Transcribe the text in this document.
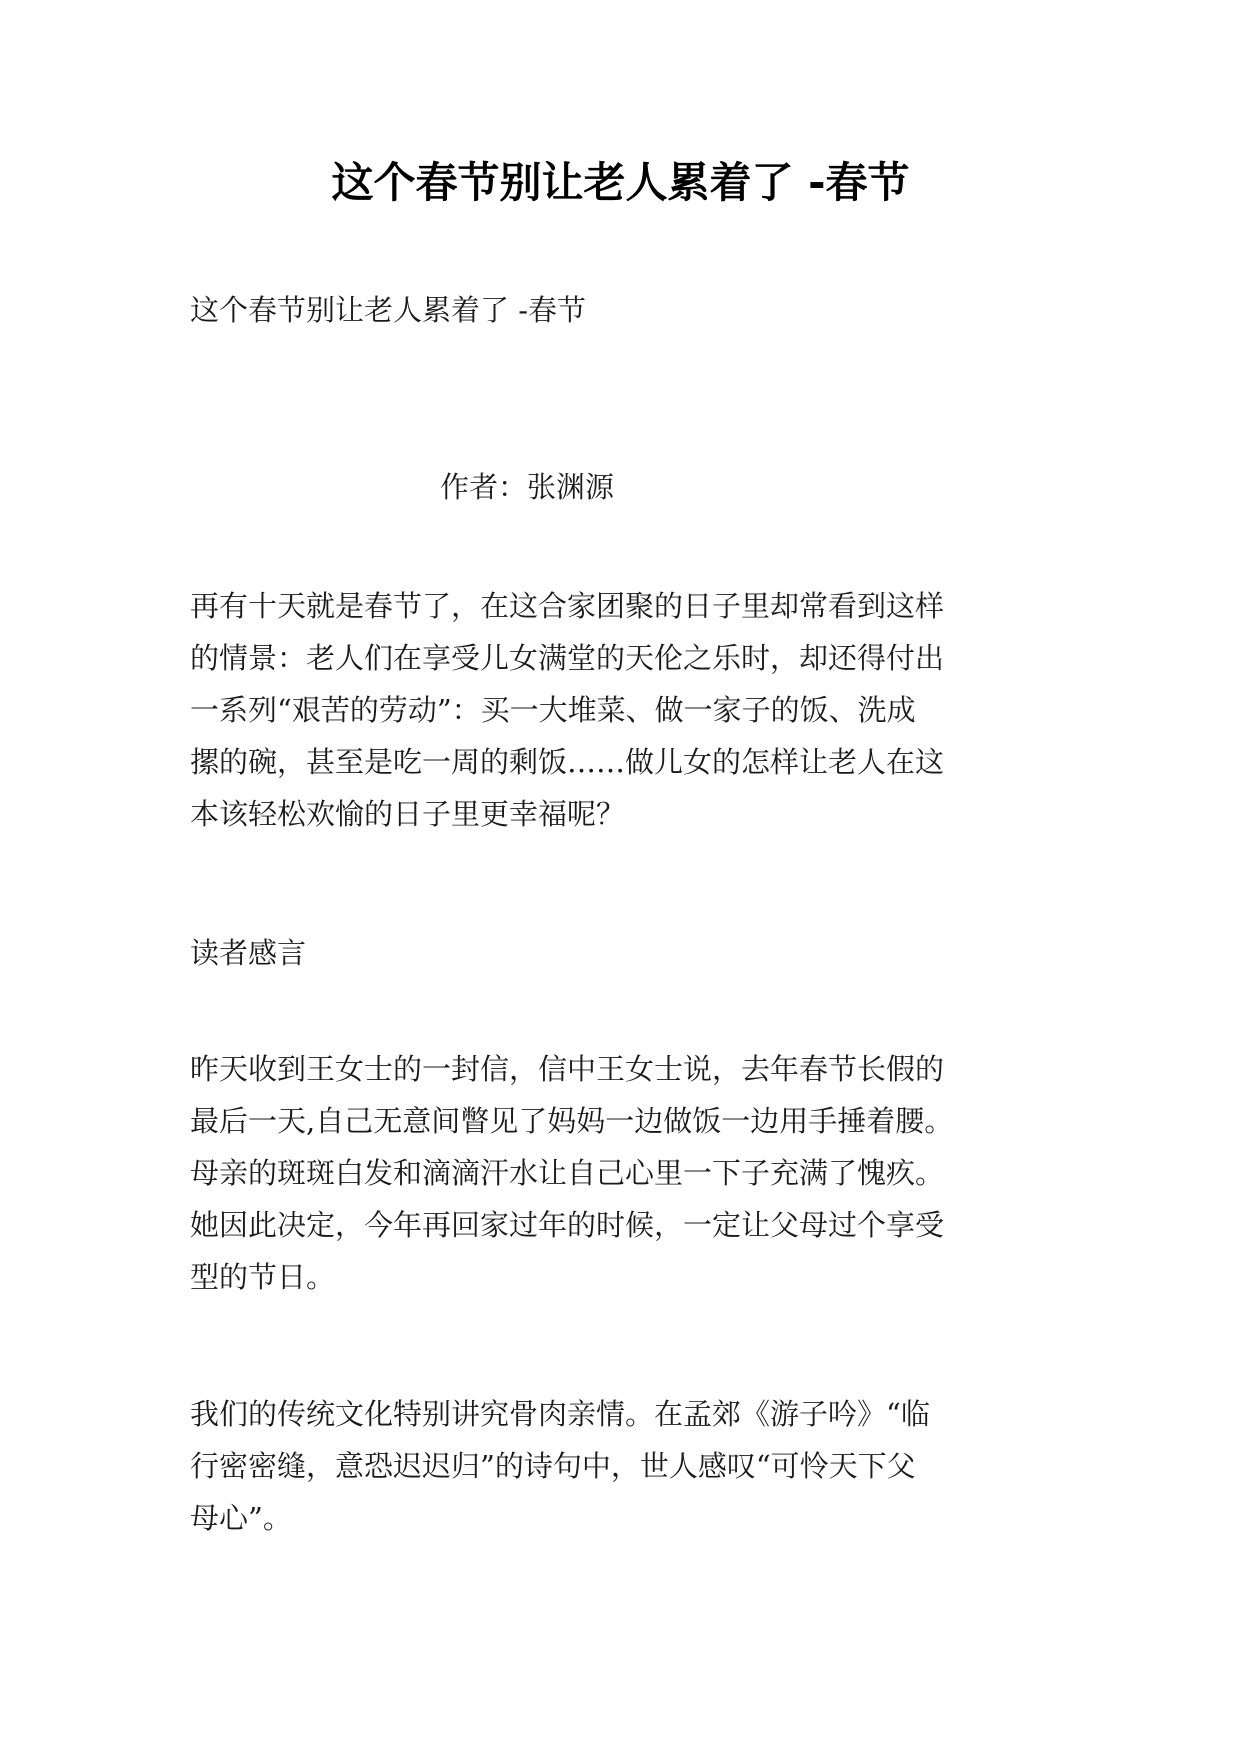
这个春节别让老人累着了 -春节

这个春节别让老人累着了 -春节

作者：张渊源

再有十天就是春节了，在这合家团聚的日子里却常看到这样
的情景：老人们在享受儿女满堂的天伦之乐时，却还得付出
一系列“艰苦的劳动”：买一大堆菜、做一家子的饭、洗成
摞的碗，甚至是吃一周的剩饭……做儿女的怎样让老人在这
本该轻松欢愉的日子里更幸福呢？

读者感言

昨天收到王女士的一封信，信中王女士说，去年春节长假的
最后一天,自己无意间瞥见了妈妈一边做饭一边用手捶着腰。
母亲的斑斑白发和滴滴汗水让自己心里一下子充满了愧疚。
她因此决定，今年再回家过年的时候，一定让父母过个享受
型的节日。

我们的传统文化特别讲究骨肉亲情。在孟郊《游子吟》“临
行密密缝，意恐迟迟归”的诗句中，世人感叹“可怜天下父
母心”。
